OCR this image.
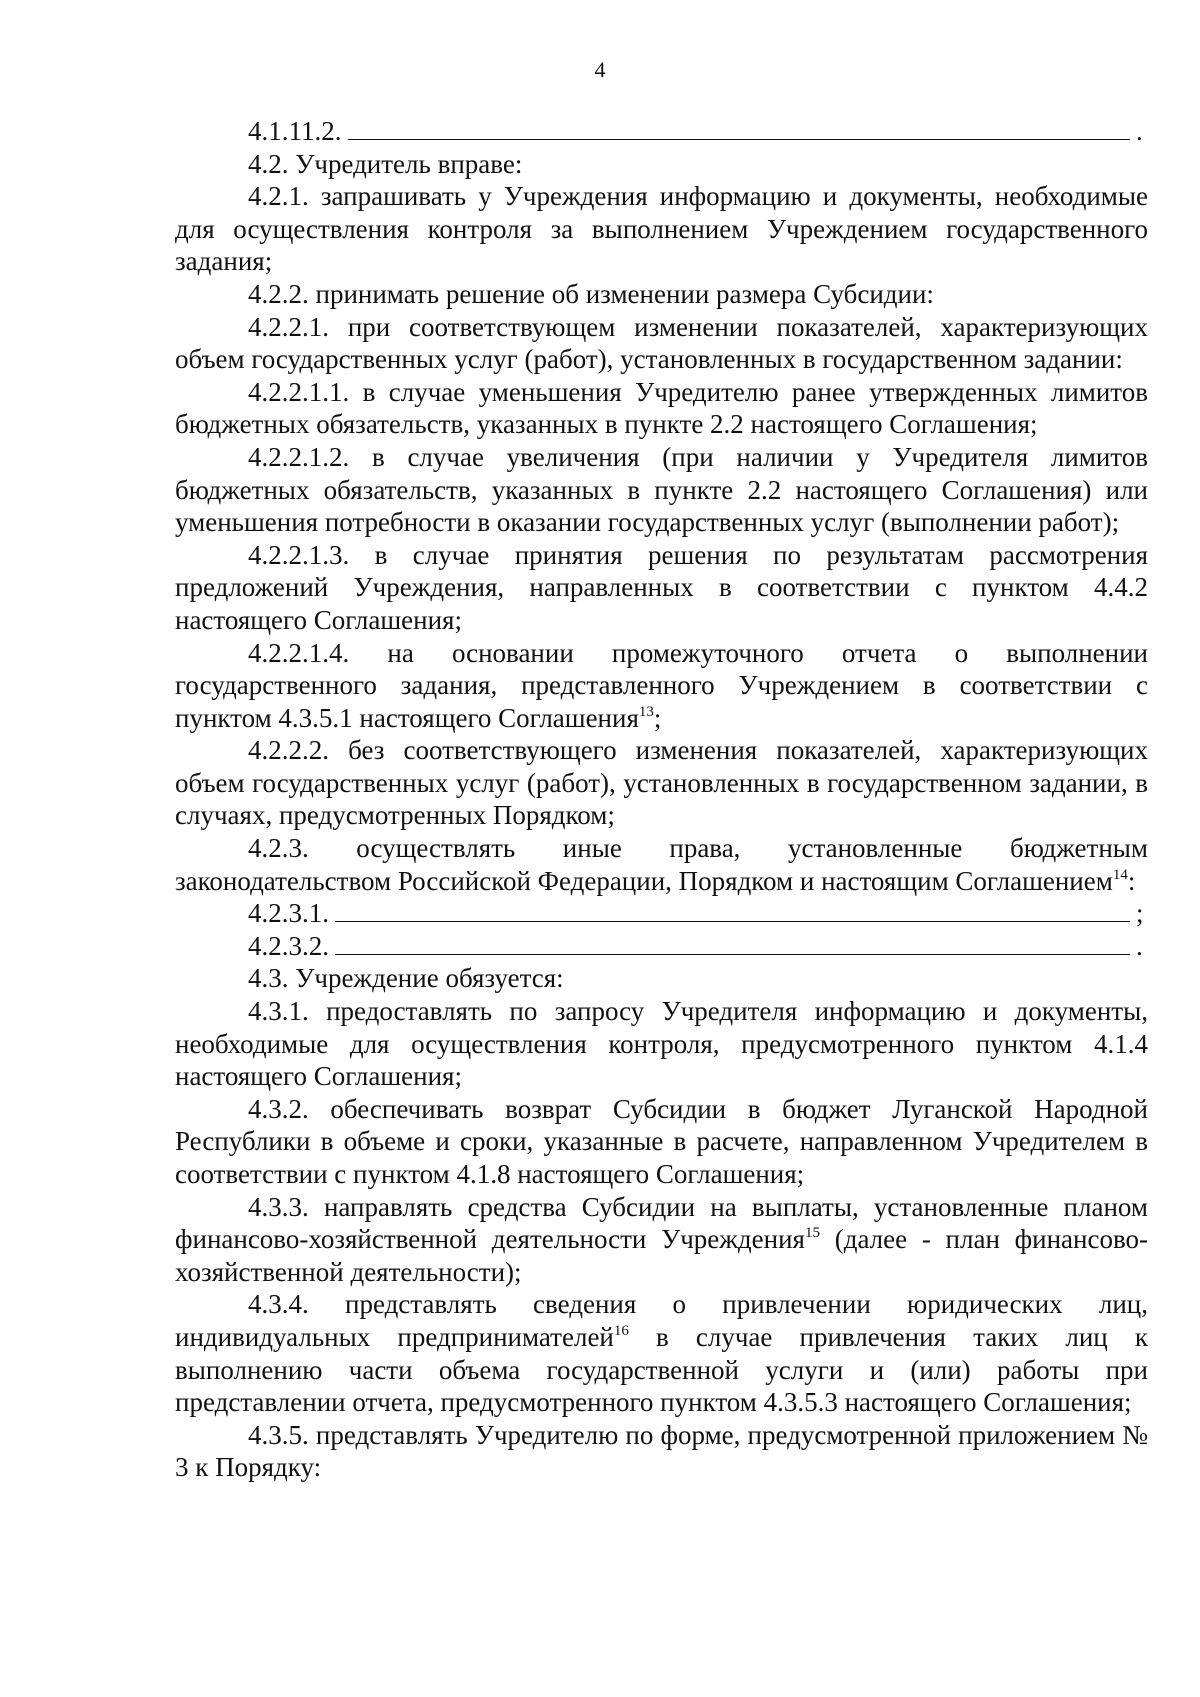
4
4.1.11.2.	.

4.2. Учредитель вправе:

4.2.1. запрашивать у Учреждения информацию и документы, необходимые для осуществления контроля за выполнением Учреждением государственного задания;

4.2.2. принимать решение об изменении размера Субсидии:

4.2.2.1. при соответствующем изменении показателей, характеризующих объем государственных услуг (работ), установленных в государственном задании:

4.2.2.1.1. в случае уменьшения Учредителю ранее утвержденных лимитов бюджетных обязательств, указанных в пункте 2.2 настоящего Соглашения;

4.2.2.1.2. в случае увеличения (при наличии у Учредителя лимитов бюджетных обязательств, указанных в пункте 2.2 настоящего Соглашения) или уменьшения потребности в оказании государственных услуг (выполнении работ);

4.2.2.1.3. в случае принятия решения по результатам рассмотрения предложений Учреждения, направленных в соответствии с пунктом 4.4.2 настоящего Соглашения;

4.2.2.1.4. на основании промежуточного отчета о выполнении государственного задания, представленного Учреждением в соответствии с пунктом 4.3.5.1 настоящего Соглашения$^{13}$;

4.2.2.2. без соответствующего изменения показателей, характеризующих объем государственных услуг (работ), установленных в государственном задании, в случаях, предусмотренных Порядком;

4.2.3. осуществлять иные права, установленные бюджетным законодательством Российской Федерации, Порядком и настоящим Соглашением$^{14}$:

4.2.3.1.	;
4.2.3.2.	.

4.3. Учреждение обязуется:

4.3.1. предоставлять по запросу Учредителя информацию и документы, необходимые для осуществления контроля, предусмотренного пунктом 4.1.4 настоящего Соглашения;

4.3.2. обеспечивать возврат Субсидии в бюджет Луганской Народной Республики в объеме и сроки, указанные в расчете, направленном Учредителем в соответствии с пунктом 4.1.8 настоящего Соглашения;

4.3.3. направлять средства Субсидии на выплаты, установленные планом финансово-хозяйственной деятельности Учреждения$^{15}$ (далее - план финансово-хозяйственной деятельности);

4.3.4. представлять сведения о привлечении юридических лиц, индивидуальных предпринимателей$^{16}$ в случае привлечения таких лиц к выполнению части объема государственной услуги и (или) работы при представлении отчета, предусмотренного пунктом 4.3.5.3 настоящего Соглашения;

4.3.5. представлять Учредителю по форме, предусмотренной приложением № 3 к Порядку:
